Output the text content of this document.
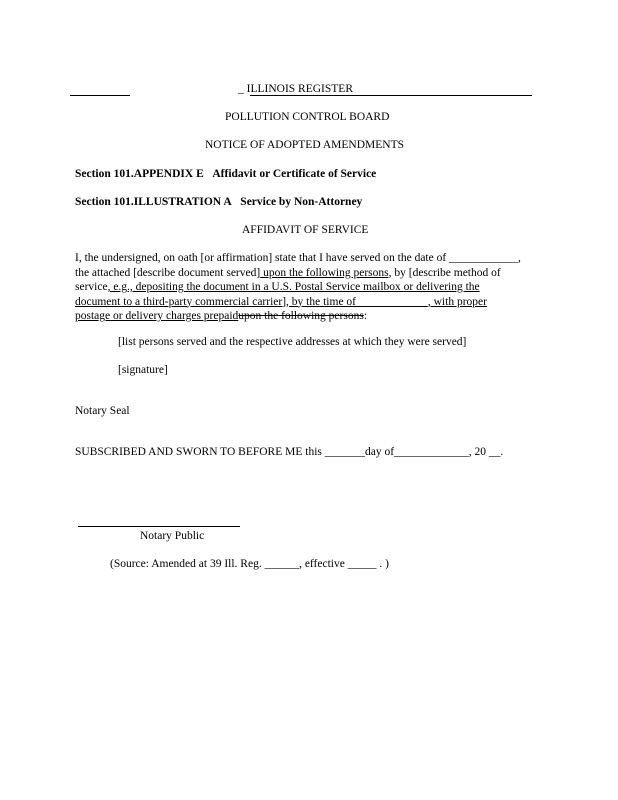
_ ILLINOIS REGISTER
POLLUTION CONTROL BOARD
NOTICE OF ADOPTED AMENDMENTS
Section 101.APPENDIX E Affidavit or Certificate of Service
Section 101.ILLUSTRATION A Service by Non-Attorney
AFFIDAVIT OF SERVICE
I, the undersigned, on oath [or affirmation] state that I have served on the date of ____________,
the attached [describe document served] upon the following persons, by [describe method of
service, e.g., depositing the document in a U.S. Postal Service mailbox or delivering the
document to a third-party commercial carrier], by the time of ____________, with proper
postage or delivery charges prepaidupon the following persons:
[list persons served and the respective addresses at which they were served]
[signature]
Notary Seal
SUBSCRIBED AND SWORN TO BEFORE ME this _______day of_____________, 20 __.
Notary Public
(Source: Amended at 39 Ill. Reg. ______, effective _____ . )
